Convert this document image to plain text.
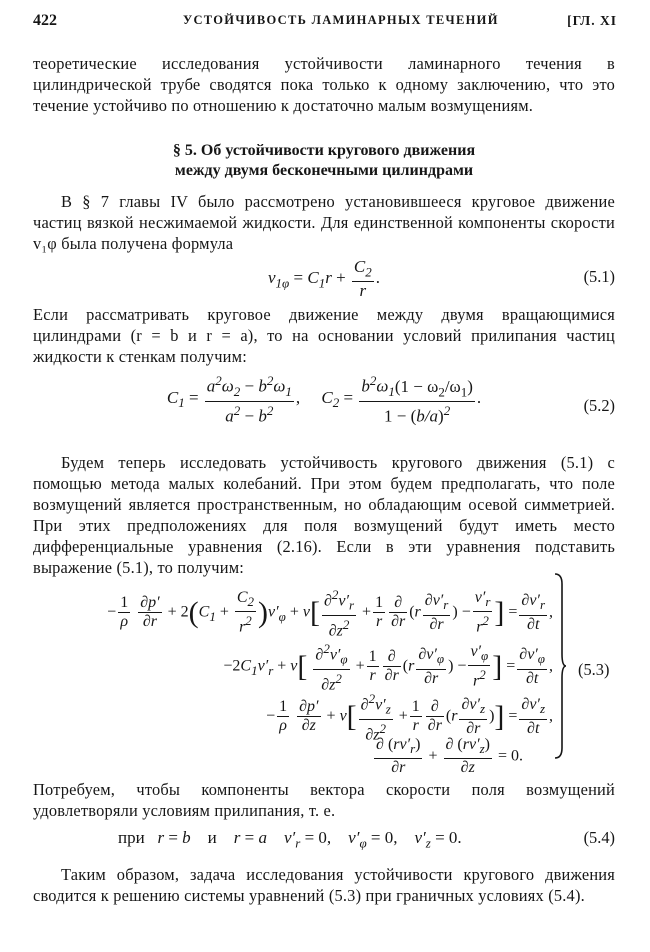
422	УСТОЙЧИВОСТЬ ЛАМИНАРНЫХ ТЕЧЕНИЙ	[ГЛ. XI
теоретические исследования устойчивости ламинарного течения в цилиндрической трубе сводятся пока только к одному заключению, что это течение устойчиво по отношению к достаточно малым возмущениям.
§ 5. Об устойчивости кругового движения
между двумя бесконечными цилиндрами
В § 7 главы IV было рассмотрено установившееся круговое движение частиц вязкой несжимаемой жидкости. Для единственной компоненты скорости v₁φ была получена формула
$v_{1\varphi} = C_1r + \frac{C_2}{r}$ .	(5.1)
Если рассматривать круговое движение между двумя вращающимися цилиндрами (r = b и r = a), то на основании условий прилипания частиц жидкости к стенкам получим:
$C_1 = \frac{a^2\omega_2 - b^2\omega_1}{a^2 - b^2}$ ,     $C_2 = \frac{b^2\omega_1(1 - \omega_2/\omega_1)}{1 - (b/a)^2}$ .	(5.2)
Будем теперь исследовать устойчивость кругового движения (5.1) с помощью метода малых колебаний. При этом будем предполагать, что поле возмущений является пространственным, но обладающим осевой симметрией. При этих предположениях для поля возмущений будут иметь место дифференциальные уравнения (2.16). Если в эти уравнения подставить выражение (5.1), то получим:
− $\frac{1}{\rho}$
$\frac{\partial p'}{\partial r} + 2(C_1 + \frac{C_2}{r^2} )v'_\varphi + \nu[ \frac{\partial^2v'_r}{\partial z^2} + \frac{1}{r} \frac{\partial}{\partial r} (r \frac{\partial v'_r}{\partial r}$ ) − $\frac{v'_r}{r^2}$ ] = $\frac{\partial v'_r}{\partial t}$ ,
$-2C_1v'_r + \nu[ \frac{\partial^2v'_\varphi}{\partial z^2} + \frac{1}{r} \frac{\partial}{\partial r} (r \frac{\partial v'_\varphi}{\partial r}$ ) − $\frac{v'_\varphi}{r^2}$ ] = $\frac{\partial v'_\varphi}{\partial t}$ ,
− $\frac{1}{\rho}$
$\frac{\partial p'}{\partial z} + \nu[ \frac{\partial^2v'_z}{\partial z^2} + \frac{1}{r} \frac{\partial}{\partial r} (r \frac{\partial v'_z}{\partial r}$ )] = $\frac{\partial v'_z}{\partial t}$ ,
$\frac{\partial (rv'_r)}{\partial r} + \frac{\partial (rv'_z)}{\partial z} = 0$.
(5.3)
Потребуем, чтобы компоненты вектора скорости поля возмущений удовлетворяли условиям прилипания, т. е.
при   r = b    и    r = a    $v'_r = 0$,    $v'_\varphi = 0$,    $v'_z = 0$.	(5.4)
Таким образом, задача исследования устойчивости кругового движения сводится к решению системы уравнений (5.3) при граничных условиях (5.4).
